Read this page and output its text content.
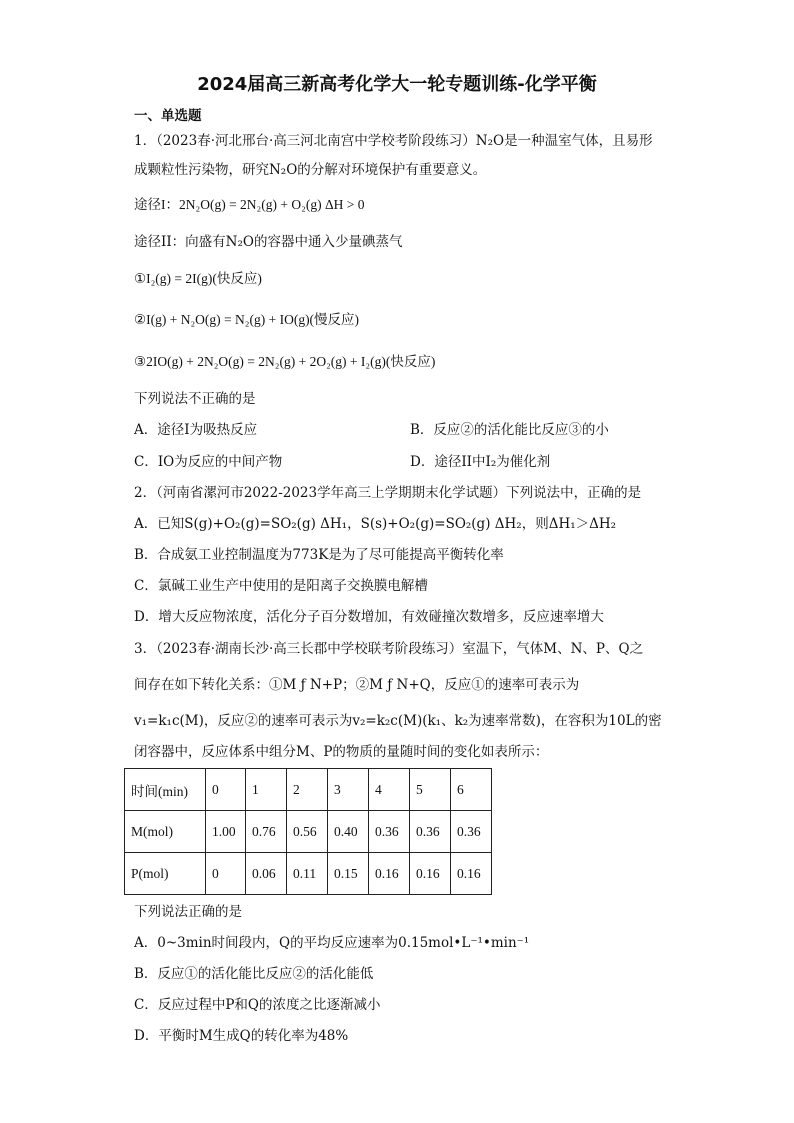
2024届高三新高考化学大一轮专题训练-化学平衡
一、单选题
1．（2023春·河北邢台·高三河北南宫中学校考阶段练习）N₂O是一种温室气体，且易形
成颗粒性污染物，研究N₂O的分解对环境保护有重要意义。
途径I：2N₂O(g) = 2N₂(g) + O₂(g) ΔH > 0
途径II：向盛有N₂O的容器中通入少量碘蒸气
①I₂(g) = 2I(g)(快反应)
②I(g) + N₂O(g) = N₂(g) + IO(g)(慢反应)
③2IO(g) + 2N₂O(g) = 2N₂(g) + 2O₂(g) + I₂(g)(快反应)
下列说法不正确的是
A．途径I为吸热反应	B．反应②的活化能比反应③的小
C．IO为反应的中间产物	D．途径II中I₂为催化剂
2．（河南省漯河市2022-2023学年高三上学期期末化学试题）下列说法中，正确的是
A．已知S(g)+O₂(g)=SO₂(g) ΔH₁，S(s)+O₂(g)=SO₂(g) ΔH₂，则ΔH₁＞ΔH₂
B．合成氨工业控制温度为773K是为了尽可能提高平衡转化率
C．氯碱工业生产中使用的是阳离子交换膜电解槽
D．增大反应物浓度，活化分子百分数增加，有效碰撞次数增多，反应速率增大
3．（2023春·湖南长沙·高三长郡中学校联考阶段练习）室温下，气体M、N、P、Q之
间存在如下转化关系：①M ƒ N+P；②M ƒ N+Q，反应①的速率可表示为
v₁=k₁c(M)，反应②的速率可表示为v₂=k₂c(M)(k₁、k₂为速率常数)，在容积为10L的密
闭容器中，反应体系中组分M、P的物质的量随时间的变化如表所示：
时间(min)	0	1	2	3	4	5	6
M(mol)	1.00	0.76	0.56	0.40	0.36	0.36	0.36
P(mol)	0	0.06	0.11	0.15	0.16	0.16	0.16
下列说法正确的是
A．0~3min时间段内，Q的平均反应速率为0.15mol•L⁻¹•min⁻¹
B．反应①的活化能比反应②的活化能低
C．反应过程中P和Q的浓度之比逐渐减小
D．平衡时M生成Q的转化率为48%
